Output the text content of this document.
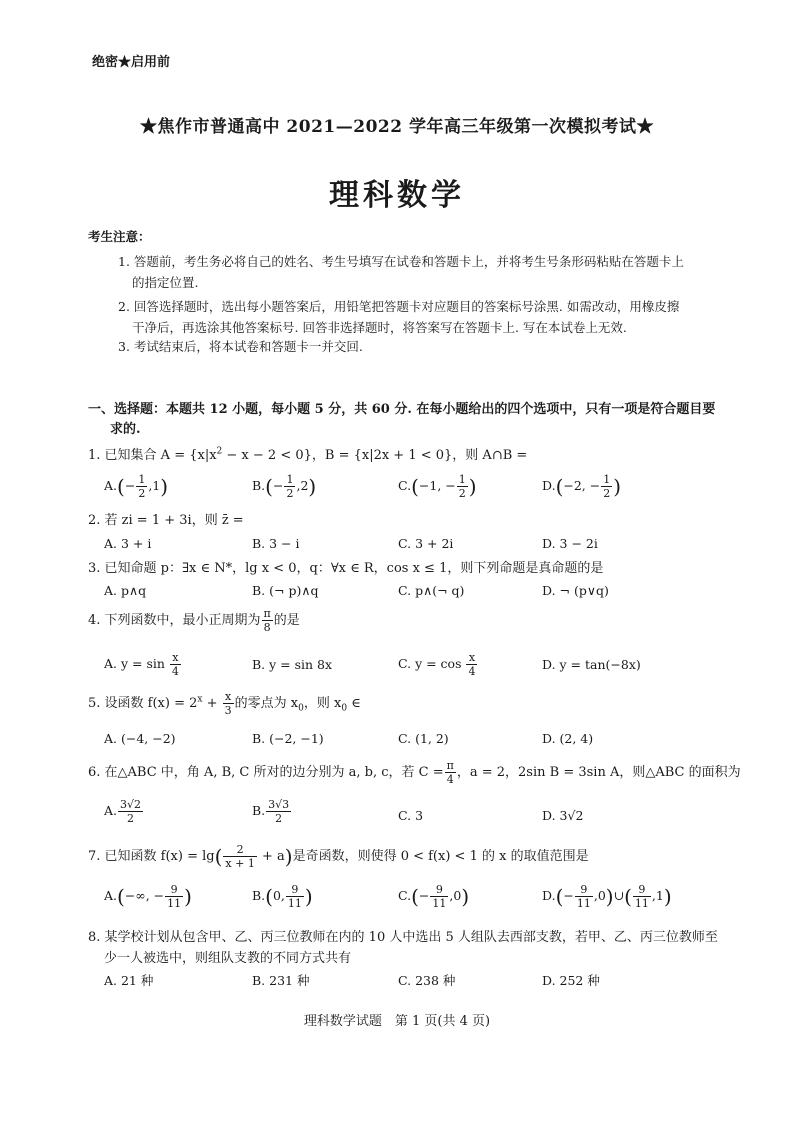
绝密★启用前
★焦作市普通高中 2021—2022 学年高三年级第一次模拟考试★
理科数学
考生注意：
1. 答题前，考生务必将自己的姓名、考生号填写在试卷和答题卡上，并将考生号条形码粘贴在答题卡上
的指定位置.
2. 回答选择题时，选出每小题答案后，用铅笔把答题卡对应题目的答案标号涂黑. 如需改动，用橡皮擦
干净后，再选涂其他答案标号. 回答非选择题时，将答案写在答题卡上. 写在本试卷上无效.
3. 考试结束后，将本试卷和答题卡一并交回.
一、选择题：本题共 12 小题，每小题 5 分，共 60 分. 在每小题给出的四个选项中，只有一项是符合题目要
求的.
1. 已知集合 $A = \{x|x^2 - x - 2 < 0\}$，B = {x|2x + 1 < 0}，则 A∩B =
$A.(- \frac{1}{2} ,1)$	$B.(- \frac{1}{2} ,2)$	C.(−1, − $\frac{1}{2}$ )	D.(−2, − $\frac{1}{2}$ )
2. 若 zi = 1 + 3i，则 z̄ =
A. 3 + i	B. 3 − i	C. 3 + 2i	D. 3 − 2i
3. 已知命题 p：∃x ∈ N*，lg x < 0，q：∀x ∈ R，cos x ≤ 1，则下列命题是真命题的是
A. p∧q	B. (¬ p)∧q	C. p∧(¬ q)	D. ¬ (p∨q)
4. 下列函数中，最小正周期为 $\frac{\pi}{8}$ 的是
A. $y = \sin \frac{x}{4}$	B. y = sin 8x	C. $y = \cos \frac{x}{4}$	D. y = tan(−8x)
5. 设函数 $f(x) = 2^x + \frac{x}{3}$ 的零点为 $x_0$，则 $x_0$ ∈
A. (−4, −2)	B. (−2, −1)	C. (1, 2)	D. (2, 4)
6. 在△ABC 中，角 A, B, C 所对的边分别为 a, b, c，若 $C = \frac{\pi}{4}$ ，a = 2，2sin B = 3sin A，则△ABC 的面积为
A. $\frac{3√2}{2}$	B. $\frac{3√3}{2}$	C. 3	D. 3√2
7. 已知函数 $f(x) = \lg( \frac{2}{x + 1} + a)$是奇函数，则使得 0 < f(x) < 1 的 x 的取值范围是
A.(−∞, − $\frac{9}{11}$ )	B.(0, $\frac{9}{11}$ )	$C.(- \frac{9}{11} ,0)$	$D.(- \frac{9}{11}$ ,0)∪( $\frac{9}{11} ,1$)
8. 某学校计划从包含甲、乙、丙三位教师在内的 10 人中选出 5 人组队去西部支教，若甲、乙、丙三位教师至
少一人被选中，则组队支教的不同方式共有
A. 21 种	B. 231 种	C. 238 种	D. 252 种
理科数学试题　第 1 页(共 4 页)
